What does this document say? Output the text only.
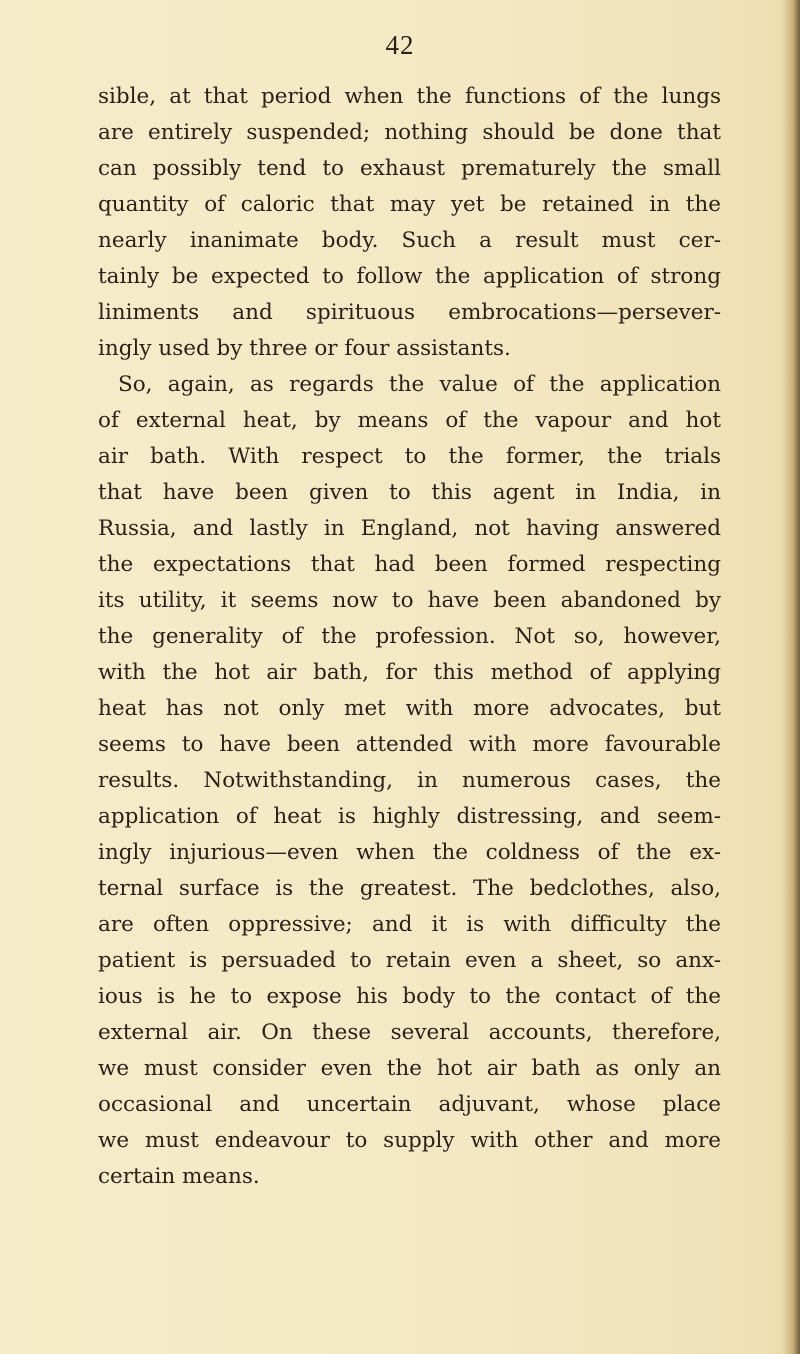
42
sible, at that period when the functions of the lungs
are entirely suspended; nothing should be done that
can possibly tend to exhaust prematurely the small
quantity of caloric that may yet be retained in the
nearly inanimate body. Such a result must cer-
tainly be expected to follow the application of strong
liniments and spirituous embrocations—persever-
ingly used by three or four assistants.
So, again, as regards the value of the application
of external heat, by means of the vapour and hot
air bath. With respect to the former, the trials
that have been given to this agent in India, in
Russia, and lastly in England, not having answered
the expectations that had been formed respecting
its utility, it seems now to have been abandoned by
the generality of the profession. Not so, however,
with the hot air bath, for this method of applying
heat has not only met with more advocates, but
seems to have been attended with more favourable
results. Notwithstanding, in numerous cases, the
application of heat is highly distressing, and seem-
ingly injurious—even when the coldness of the ex-
ternal surface is the greatest. The bedclothes, also,
are often oppressive; and it is with difficulty the
patient is persuaded to retain even a sheet, so anx-
ious is he to expose his body to the contact of the
external air. On these several accounts, therefore,
we must consider even the hot air bath as only an
occasional and uncertain adjuvant, whose place
we must endeavour to supply with other and more
certain means.
